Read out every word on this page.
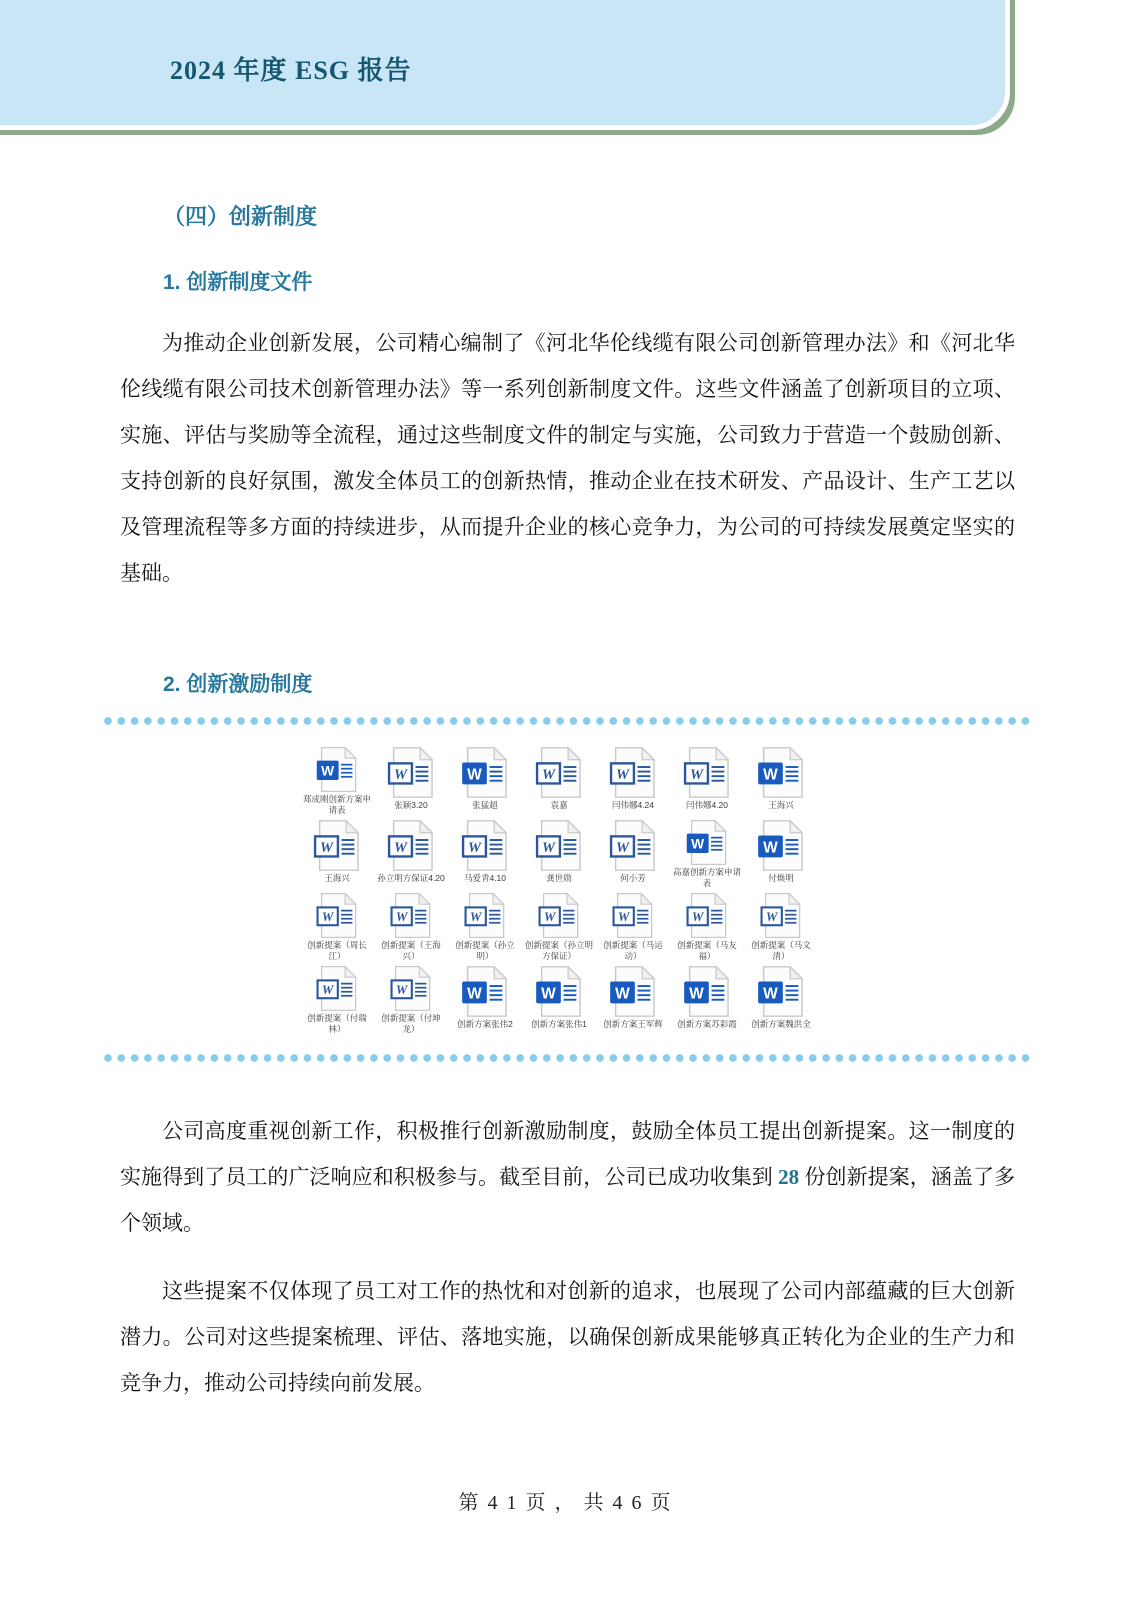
2024 年度 ESG 报告
（四）创新制度
1. 创新制度文件

为推动企业创新发展，公司精心编制了《河北华伦线缆有限公司创新管理办法》和《河北华伦线缆有限公司技术创新管理办法》等一系列创新制度文件。这些文件涵盖了创新项目的立项、实施、评估与奖励等全流程，通过这些制度文件的制定与实施，公司致力于营造一个鼓励创新、支持创新的良好氛围，激发全体员工的创新热情，推动企业在技术研发、产品设计、生产工艺以及管理流程等多方面的持续进步，从而提升企业的核心竞争力，为公司的可持续发展奠定坚实的基础。

2. 创新激励制度
W
郑成刚创新方案申请表
W
张颖3.20
W
张猛超
W
袁嘉
W
闫伟娜4.24
W
闫伟娜4.20
W
王海兴
W
王海兴
W
孙立明方保证4.20
W
马爱青4.10
W
龚世勋
W
何小芳
W
高嘉创新方案申请表
W
付焕明
W
创新提案（周长江）
W
创新提案（王海兴）
W
创新提案（孙立明）
W
创新提案（孙立明 方保证）
W
创新提案（马运动）
W
创新提案（马友福）
W
创新提案（马文清）
W
创新提案（付瑞林）
W
创新提案（付坤龙）
W
创新方案张伟2
W
创新方案张伟1
W
创新方案王军辉
W
创新方案苏彩霞
W
创新方案魏洪全

公司高度重视创新工作，积极推行创新激励制度，鼓励全体员工提出创新提案。这一制度的实施得到了员工的广泛响应和积极参与。截至目前，公司已成功收集到 28 份创新提案，涵盖了多个领域。

这些提案不仅体现了员工对工作的热忱和对创新的追求，也展现了公司内部蕴藏的巨大创新潜力。公司对这些提案梳理、评估、落地实施，以确保创新成果能够真正转化为企业的生产力和竞争力，推动公司持续向前发展。

第 4 1 页 ， 共 4 6 页
